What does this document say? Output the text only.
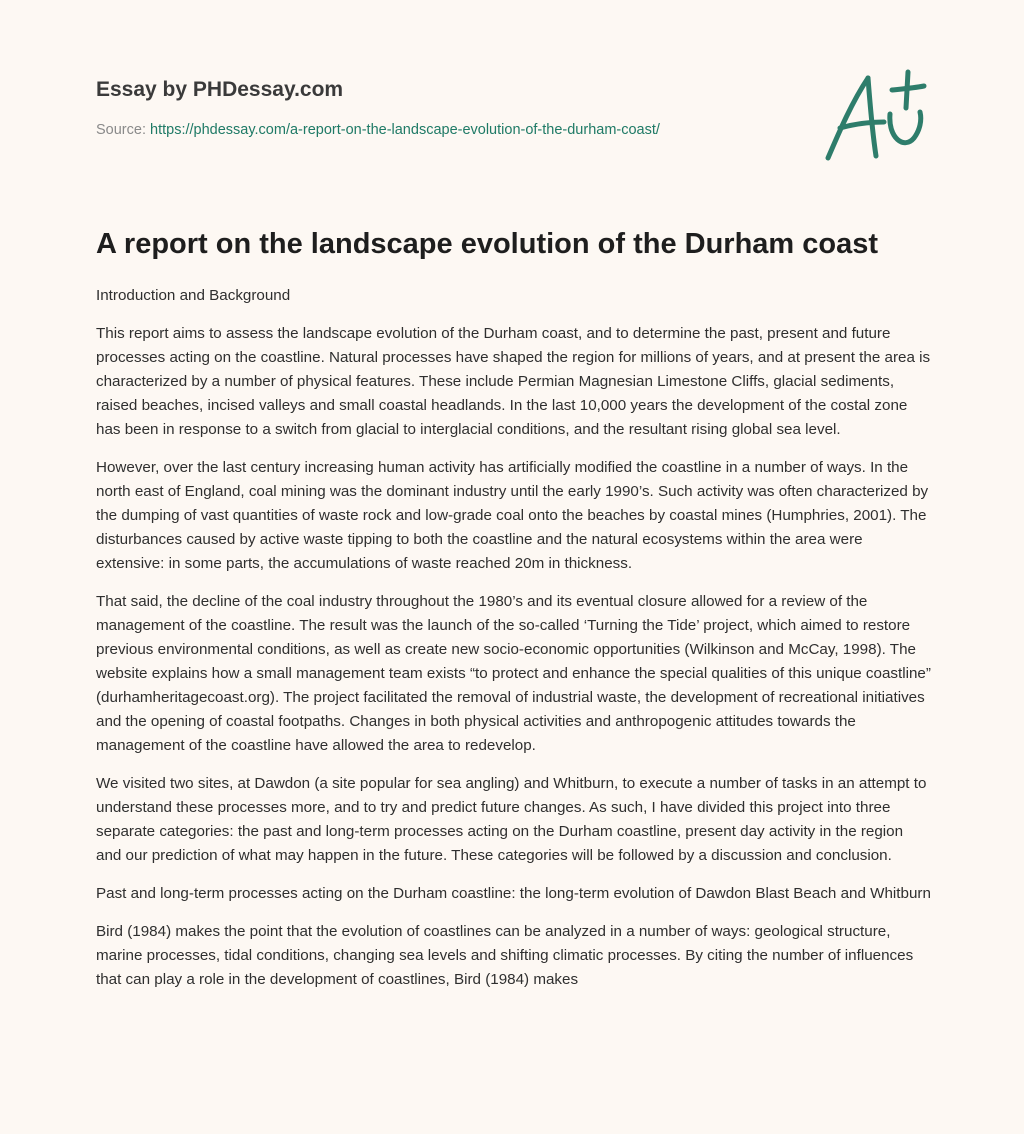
Essay by PHDessay.com
Source: https://phdessay.com/a-report-on-the-landscape-evolution-of-the-durham-coast/
A report on the landscape evolution of the Durham coast

Introduction and Background

This report aims to assess the landscape evolution of the Durham coast, and to determine the past, present and future processes acting on the coastline. Natural processes have shaped the region for millions of years, and at present the area is characterized by a number of physical features. These include Permian Magnesian Limestone Cliffs, glacial sediments, raised beaches, incised valleys and small coastal headlands. In the last 10,000 years the development of the costal zone has been in response to a switch from glacial to interglacial conditions, and the resultant rising global sea level.

However, over the last century increasing human activity has artificially modified the coastline in a number of ways. In the north east of England, coal mining was the dominant industry until the early 1990’s. Such activity was often characterized by the dumping of vast quantities of waste rock and low-grade coal onto the beaches by coastal mines (Humphries, 2001). The disturbances caused by active waste tipping to both the coastline and the natural ecosystems within the area were extensive: in some parts, the accumulations of waste reached 20m in thickness.

That said, the decline of the coal industry throughout the 1980’s and its eventual closure allowed for a review of the management of the coastline. The result was the launch of the so-called ‘Turning the Tide’ project, which aimed to restore previous environmental conditions, as well as create new socio-economic opportunities (Wilkinson and McCay, 1998). The website explains how a small management team exists “to protect and enhance the special qualities of this unique coastline” (durhamheritagecoast.org). The project facilitated the removal of industrial waste, the development of recreational initiatives and the opening of coastal footpaths. Changes in both physical activities and anthropogenic attitudes towards the management of the coastline have allowed the area to redevelop.

We visited two sites, at Dawdon (a site popular for sea angling) and Whitburn, to execute a number of tasks in an attempt to understand these processes more, and to try and predict future changes. As such, I have divided this project into three separate categories: the past and long-term processes acting on the Durham coastline, present day activity in the region and our prediction of what may happen in the future. These categories will be followed by a discussion and conclusion.

Past and long-term processes acting on the Durham coastline: the long-term evolution of Dawdon Blast Beach and Whitburn

Bird (1984) makes the point that the evolution of coastlines can be analyzed in a number of ways: geological structure, marine processes, tidal conditions, changing sea levels and shifting climatic processes. By citing the number of influences that can play a role in the development of coastlines, Bird (1984) makes
